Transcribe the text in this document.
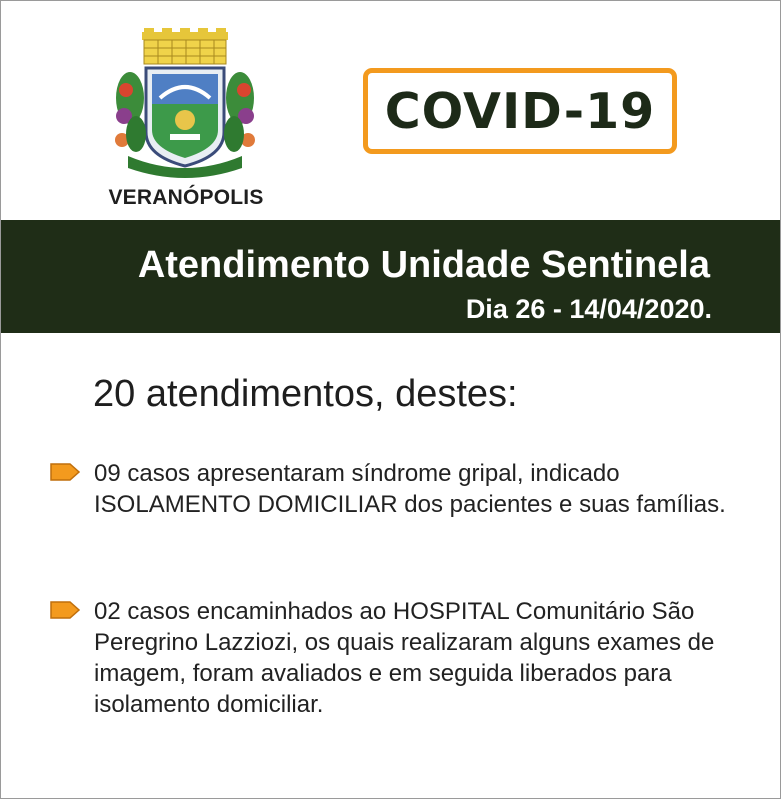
VERANÓPOLIS
COVID-19
Atendimento Unidade Sentinela
Dia 26 - 14/04/2020.
20 atendimentos, destes:
09 casos apresentaram síndrome gripal, indicado ISOLAMENTO DOMICILIAR dos pacientes e suas famílias.
02 casos encaminhados ao HOSPITAL Comunitário São Peregrino Lazziozi, os quais realizaram alguns exames de imagem, foram avaliados e em seguida liberados para isolamento domiciliar.
